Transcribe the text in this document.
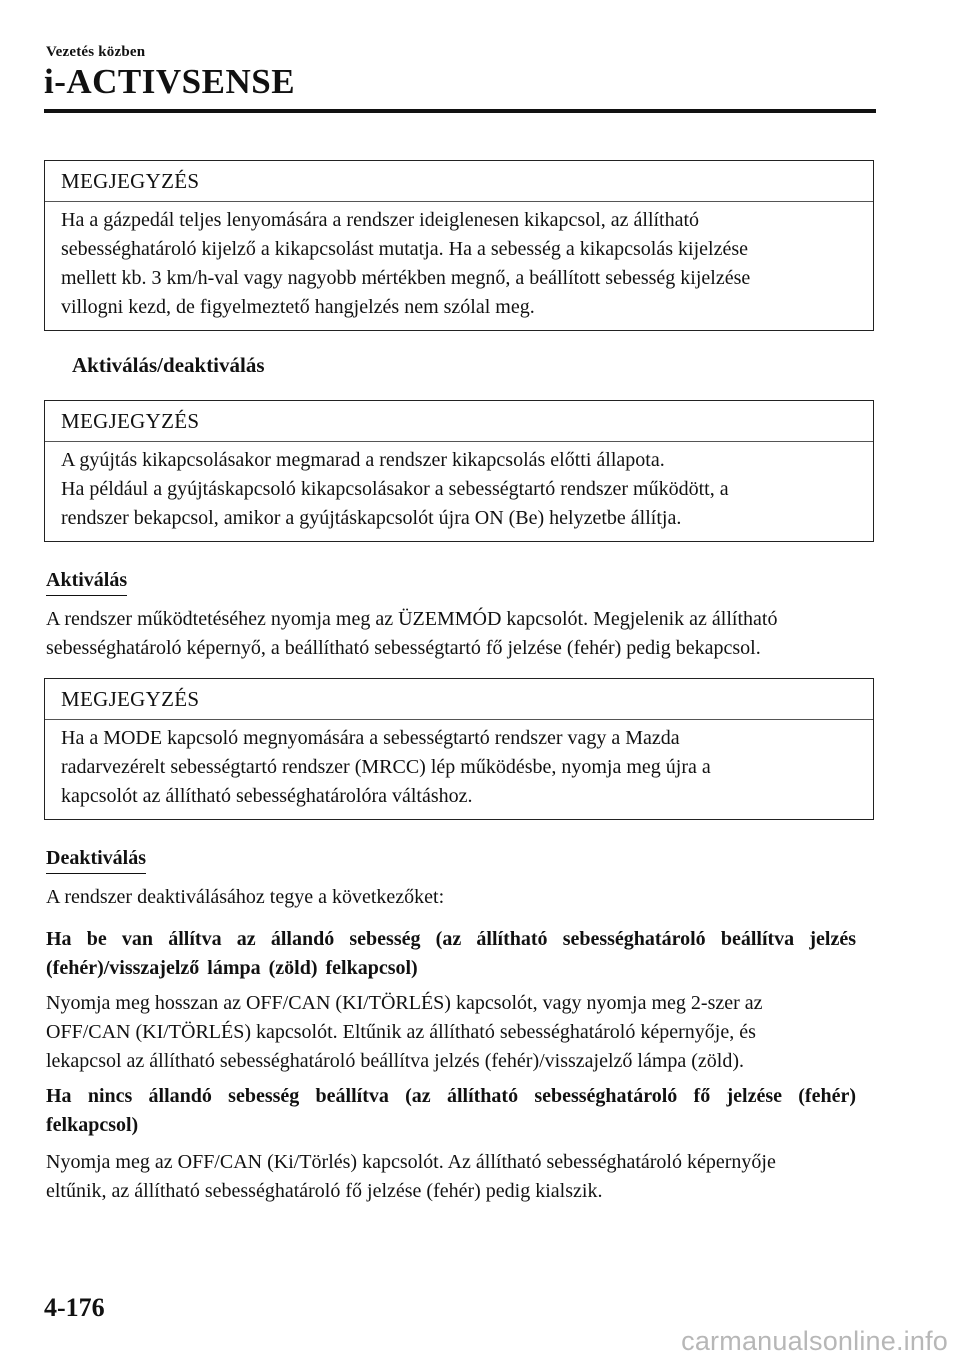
Vezetés közben
i-ACTIVSENSE
MEGJEGYZÉS

Ha a gázpedál teljes lenyomására a rendszer ideiglenesen kikapcsol, az állítható

sebességhatároló kijelző a kikapcsolást mutatja. Ha a sebesség a kikapcsolás kijelzése

mellett kb. 3 km/h-val vagy nagyobb mértékben megnő, a beállított sebesség kijelzése

villogni kezd, de figyelmeztető hangjelzés nem szólal meg.

Aktiválás/deaktiválás
MEGJEGYZÉS

A gyújtás kikapcsolásakor megmarad a rendszer kikapcsolás előtti állapota.

Ha például a gyújtáskapcsoló kikapcsolásakor a sebességtartó rendszer működött, a

rendszer bekapcsol, amikor a gyújtáskapcsolót újra ON (Be) helyzetbe állítja.

Aktiválás
A rendszer működtetéséhez nyomja meg az ÜZEMMÓD kapcsolót. Megjelenik az állítható
sebességhatároló képernyő, a beállítható sebességtartó fő jelzése (fehér) pedig bekapcsol.
MEGJEGYZÉS

Ha a MODE kapcsoló megnyomására a sebességtartó rendszer vagy a Mazda

radarvezérelt sebességtartó rendszer (MRCC) lép működésbe, nyomja meg újra a

kapcsolót az állítható sebességhatárolóra váltáshoz.

Deaktiválás
A rendszer deaktiválásához tegye a következőket:
Ha be van állítva az állandó sebesség (az állítható sebességhatároló beállítva jelzés (fehér)/visszajelző lámpa (zöld) felkapcsol)
Nyomja meg hosszan az OFF/CAN (KI/TÖRLÉS) kapcsolót, vagy nyomja meg 2-szer az
OFF/CAN (KI/TÖRLÉS) kapcsolót. Eltűnik az állítható sebességhatároló képernyője, és
lekapcsol az állítható sebességhatároló beállítva jelzés (fehér)/visszajelző lámpa (zöld).
Ha nincs állandó sebesség beállítva (az állítható sebességhatároló fő jelzése (fehér) felkapcsol)
Nyomja meg az OFF/CAN (Ki/Törlés) kapcsolót. Az állítható sebességhatároló képernyője
eltűnik, az állítható sebességhatároló fő jelzése (fehér) pedig kialszik.
4-176
carmanualsonline.info
